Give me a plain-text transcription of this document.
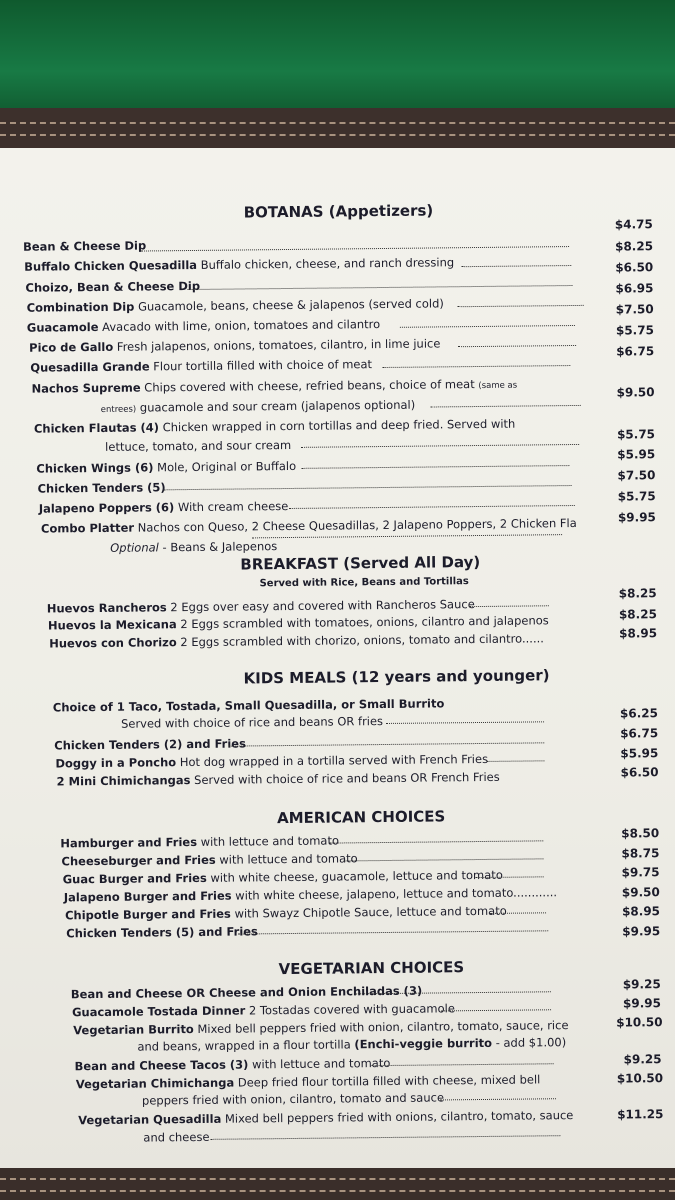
BOTANAS (Appetizers)
Bean & Cheese Dip
$4.75
Buffalo Chicken Quesadilla Buffalo chicken, cheese, and ranch dressing
$8.25
Choizo, Bean & Cheese Dip
$6.50
Combination Dip Guacamole, beans, cheese & jalapenos (served cold)
$6.95
Guacamole Avacado with lime, onion, tomatoes and cilantro
$7.50
Pico de Gallo Fresh jalapenos, onions, tomatoes, cilantro, in lime juice
$5.75
Quesadilla Grande Flour tortilla filled with choice of meat
$6.75
Nachos Supreme Chips covered with cheese, refried beans, choice of meat (same as
entrees) guacamole and sour cream (jalapenos optional)
$9.50
Chicken Flautas (4) Chicken wrapped in corn tortillas and deep fried. Served with
lettuce, tomato, and sour cream
$5.75
Chicken Wings (6) Mole, Original or Buffalo
$5.95
Chicken Tenders (5)
$7.50
Jalapeno Poppers (6) With cream cheese
$5.75
Combo Platter Nachos con Queso, 2 Cheese Quesadillas, 2 Jalapeno Poppers, 2 Chicken Fla	$9.95
Optional - Beans & Jalepenos
BREAKFAST (Served All Day)
Served with Rice, Beans and Tortillas
Huevos Rancheros 2 Eggs over easy and covered with Rancheros Sauce
$8.25
Huevos la Mexicana 2 Eggs scrambled with tomatoes, onions, cilantro and jalapenos	$8.25
Huevos con Chorizo 2 Eggs scrambled with chorizo, onions, tomato and cilantro......	$8.95
KIDS MEALS (12 years and younger)
Choice of 1 Taco, Tostada, Small Quesadilla, or Small Burrito
Served with choice of rice and beans OR fries
$6.25
Chicken Tenders (2) and Fries
$6.75
Doggy in a Poncho Hot dog wrapped in a tortilla served with French Fries	$5.95
2 Mini Chimichangas Served with choice of rice and beans OR French Fries	$6.50
AMERICAN CHOICES
Hamburger and Fries with lettuce and tomato
$8.50
Cheeseburger and Fries with lettuce and tomato	$8.75
Guac Burger and Fries with white cheese, guacamole, lettuce and tomato	$9.75
Jalapeno Burger and Fries with white cheese, jalapeno, lettuce and tomato............	$9.50
Chipotle Burger and Fries with Swayz Chipotle Sauce, lettuce and tomato	$8.95
Chicken Tenders (5) and Fries	$9.95
VEGETARIAN CHOICES
Bean and Cheese OR Cheese and Onion Enchiladas (3)	$9.25
Guacamole Tostada Dinner 2 Tostadas covered with guacamole	$9.95
Vegetarian Burrito Mixed bell peppers fried with onion, cilantro, tomato, sauce, rice
and beans, wrapped in a flour tortilla (Enchi-veggie burrito - add $1.00)
$10.50
Bean and Cheese Tacos (3) with lettuce and tomato	$9.25
Vegetarian Chimichanga Deep fried flour tortilla filled with cheese, mixed bell
peppers fried with onion, cilantro, tomato and sauce
$10.50
Vegetarian Quesadilla Mixed bell peppers fried with onions, cilantro, tomato, sauce
and cheese
$11.25
